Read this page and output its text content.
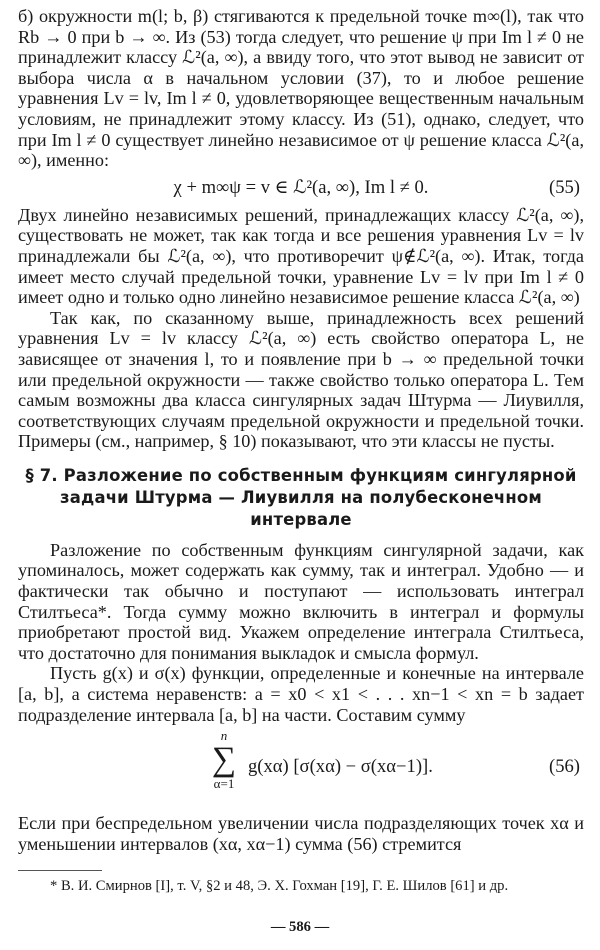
б) окружности m(l; b, β) стягиваются к предельной точке m∞(l), так что Rb → 0 при b → ∞. Из (53) тогда следует, что решение ψ при Im l ≠ 0 не принадлежит классу ℒ²(a, ∞), а ввиду того, что этот вывод не зависит от выбора числа α в начальном условии (37), то и любое решение уравнения Lv = lv, Im l ≠ 0, удовлетворяющее вещественным начальным условиям, не принадлежит этому классу. Из (51), однако, следует, что при Im l ≠ 0 существует линейно независимое от ψ решение класса ℒ²(a, ∞), именно:

χ + m∞ψ = v ∈ ℒ²(a, ∞), Im l ≠ 0.	(55)

Двух линейно независимых решений, принадлежащих классу ℒ²(a, ∞), существовать не может, так как тогда и все решения уравнения Lv = lv принадлежали бы ℒ²(a, ∞), что противоречит ψ∉ℒ²(a, ∞). Итак, тогда имеет место случай предельной точки, уравнение Lv = lv при Im l ≠ 0 имеет одно и только одно линейно независимое решение класса ℒ²(a, ∞)

Так как, по сказанному выше, принадлежность всех решений уравнения Lv = lv классу ℒ²(a, ∞) есть свойство оператора L, не зависящее от значения l, то и появление при b → ∞ предельной точки или предельной окружности — также свойство только оператора L. Тем самым возможны два класса сингулярных задач Штурма — Лиувилля, соответствующих случаям предельной окружности и предельной точки. Примеры (см., например, § 10) показывают, что эти классы не пусты.

§ 7. Разложение по собственным функциям сингулярной задачи Штурма — Лиувилля на полубесконечном интервале

Разложение по собственным функциям сингулярной задачи, как упоминалось, может содержать как сумму, так и интеграл. Удобно — и фактически так обычно и поступают — использовать интеграл Стилтьеса*. Тогда сумму можно включить в интеграл и формулы приобретают простой вид. Укажем определение интеграла Стилтьеса, что достаточно для понимания выкладок и смысла формул.

Пусть g(x) и σ(x) функции, определенные и конечные на интервале [a, b], а система неравенств: a = x0 < x1 < . . . xn−1 < xn = b задает подразделение интервала [a, b] на части. Составим сумму

n
∑
α=1
g(xα) [σ(xα) − σ(xα−1)].	(56)

Если при беспредельном увеличении числа подразделяющих точек xα и уменьшении интервалов (xα, xα−1) сумма (56) стремится

* В. И. Смирнов [I], т. V, §2 и 48, Э. Х. Гохман [19], Г. Е. Шилов [61] и др.

— 586 —
